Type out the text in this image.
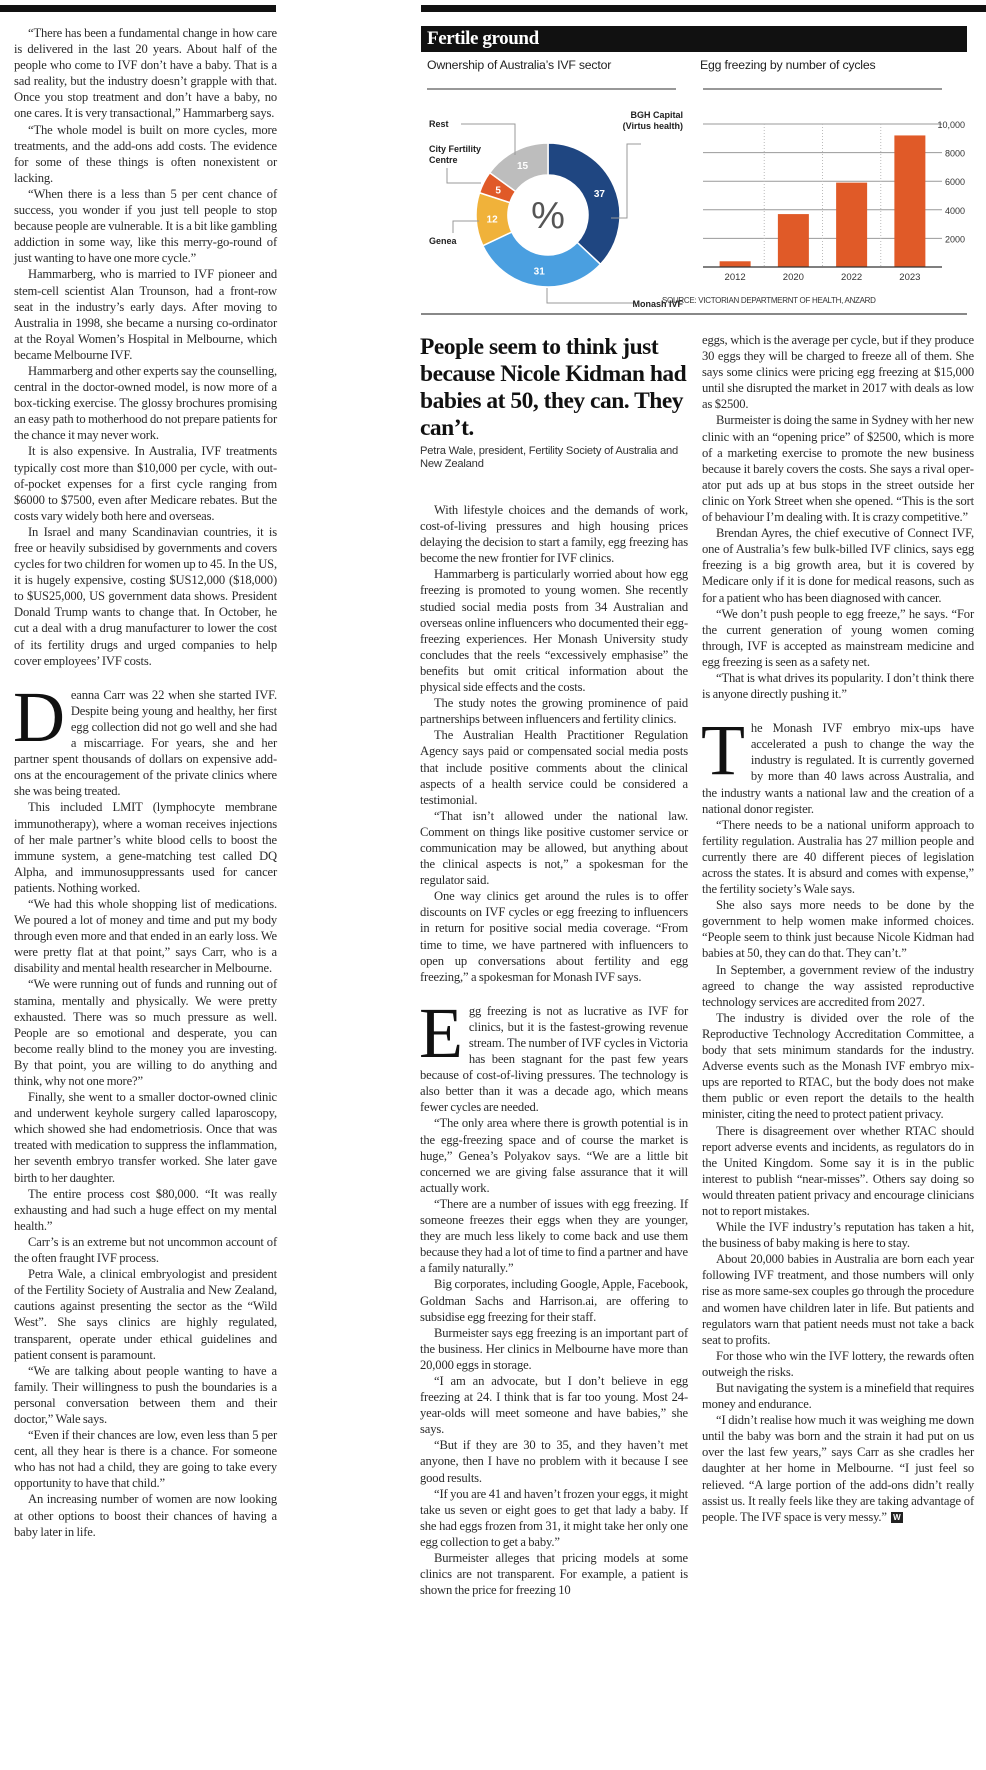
“There has been a fundamental change in how care is delivered in the last 20 years. About half of the people who come to IVF don’t have a baby. That is a sad reality, but the industry doesn’t grapple with that. Once you stop treatment and don’t have a baby, no one cares. It is very transactional,” Hammarberg says.

“The whole model is built on more cycles, more treatments, and the add-ons add costs. The evidence for some of these things is often nonexistent or lacking.

“When there is a less than 5 per cent chance of success, you wonder if you just tell people to stop because people are vulnerable. It is a bit like gambling addiction in some way, like this merry-go-round of just wanting to have one more cycle.”

Hammarberg, who is married to IVF pioneer and stem-cell scientist Alan Trounson, had a front-row seat in the industry’s early days. After moving to Australia in 1998, she became a nursing co-ordinator at the Royal Women’s Hospital in Melbourne, which became Melbourne IVF.

Hammarberg and other experts say the counselling, central in the doctor-owned model, is now more of a box-ticking exercise. The glossy brochures promising an easy path to motherhood do not prepare patients for the chance it may never work.

It is also expensive. In Australia, IVF treatments typically cost more than $10,000 per cycle, with out-of-pocket expenses for a first cycle ranging from $6000 to $7500, even after Medicare rebates. But the costs vary widely both here and overseas.

In Israel and many Scandinavian countries, it is free or heavily subsidised by governments and covers cycles for two children for women up to 45. In the US, it is hugely expensive, costing $US12,000 ($18,000) to $US25,000, US government data shows. President Donald Trump wants to change that. In October, he cut a deal with a drug manufacturer to lower the cost of its fertility drugs and urged companies to help cover employees’ IVF costs.

Deanna Carr was 22 when she started IVF. Despite being young and healthy, her first egg collection did not go well and she had a miscarriage. For years, she and her partner spent thousands of dollars on expensive add-ons at the encouragement of the private clinics where she was being treated.

This included LMIT (lymphocyte membrane immunotherapy), where a woman receives injections of her male partner’s white blood cells to boost the immune system, a gene-matching test called DQ Alpha, and immunosuppressants used for cancer patients. Nothing worked.

“We had this whole shopping list of medications. We poured a lot of money and time and put my body through even more and that ended in an early loss. We were pretty flat at that point,” says Carr, who is a disability and mental health researcher in Melbourne.

“We were running out of funds and running out of stamina, mentally and physically. We were pretty exhausted. There was so much pressure as well. People are so emotional and desperate, you can become really blind to the money you are investing. By that point, you are willing to do anything and think, why not one more?”

Finally, she went to a smaller doctor-owned clinic and underwent keyhole surgery called laparoscopy, which showed she had endometriosis. Once that was treated with medication to suppress the inflammation, her seventh embryo transfer worked. She later gave birth to her daughter.

The entire process cost $80,000. “It was really exhausting and had such a huge effect on my mental health.”

Carr’s is an extreme but not uncommon account of the often fraught IVF process.

Petra Wale, a clinical embryologist and president of the Fertility Society of Australia and New Zealand, cautions against presenting the sector as the “Wild West”. She says clinics are highly regulated, transparent, operate under ethical guidelines and patient consent is paramount.

“We are talking about people wanting to have a family. Their willingness to push the boundaries is a personal conversation between them and their doctor,” Wale says.

“Even if their chances are low, even less than 5 per cent, all they hear is there is a chance. For someone who has not had a child, they are going to take every opportunity to have that child.”

An increasing number of women are now looking at other options to boost their chances of having a baby later in life.

Fertile ground
Ownership of Australia’s IVF sector	Egg freezing by number of cycles
37
31
12
5
15
%
BGH Capital
(Virtus health)
Monash IVF
Genea
City Fertility
Centre
Rest
2000
4000
6000
8000
10,000
2012	2020	2022	2023
SOURCE: VICTORIAN DEPARTMERNT OF HEALTH, ANZARD
People seem to think just because Nicole Kidman had babies at 50, they can. They can’t.
Petra Wale, president, Fertility Society of Australia and New Zealand

With lifestyle choices and the demands of work, cost-of-living pressures and high housing prices delaying the decision to start a family, egg freezing has become the new frontier for IVF clinics.

Hammarberg is particularly worried about how egg freezing is promoted to young women. She recently studied social media posts from 34 Australian and overseas online influencers who documented their egg-freezing experiences. Her Monash University study concludes that the reels “excessively emphasise” the benefits but omit critical information about the physical side effects and the costs.

The study notes the growing prominence of paid partnerships between influencers and fertility clinics.

The Australian Health Practitioner Regulation Agency says paid or compensated social media posts that include positive comments about the clinical aspects of a health service could be considered a testimonial.

“That isn’t allowed under the national law. Comment on things like positive customer service or communication may be allowed, but anything about the clinical aspects is not,” a spokesman for the regulator said.

One way clinics get around the rules is to offer discounts on IVF cycles or egg freezing to influencers in return for positive social media coverage. “From time to time, we have partnered with influencers to open up conversations about fertility and egg freezing,” a spokesman for Monash IVF says.

Egg freezing is not as lucrative as IVF for clinics, but it is the fastest-growing revenue stream. The number of IVF cycles in Victoria has been stagnant for the past few years because of cost-of-living pressures. The technology is also better than it was a decade ago, which means fewer cycles are needed.

“The only area where there is growth potential is in the egg-freezing space and of course the market is huge,” Genea’s Polyakov says. “We are a little bit concerned we are giving false assurance that it will actually work.

“There are a number of issues with egg freezing. If someone freezes their eggs when they are younger, they are much less likely to come back and use them because they had a lot of time to find a partner and have a family naturally.”

Big corporates, including Google, Apple, Facebook, Goldman Sachs and Harrison.ai, are offering to subsidise egg freezing for their staff.

Burmeister says egg freezing is an important part of the business. Her clinics in Melbourne have more than 20,000 eggs in storage.

“I am an advocate, but I don’t believe in egg freezing at 24. I think that is far too young. Most 24-year-olds will meet someone and have babies,” she says.

“But if they are 30 to 35, and they haven’t met anyone, then I have no problem with it because I see good results.

“If you are 41 and haven’t frozen your eggs, it might take us seven or eight goes to get that lady a baby. If she had eggs frozen from 31, it might take her only one egg collection to get a baby.”

Burmeister alleges that pricing models at some clinics are not transparent. For example, a patient is shown the price for freezing 10

eggs, which is the average per cycle, but if they produce 30 eggs they will be charged to freeze all of them. She says some clinics were pricing egg freezing at $15,000 until she disrupted the market in 2017 with deals as low as $2500.

Burmeister is doing the same in Sydney with her new clinic with an “opening price” of $2500, which is more of a marketing exercise to promote the new business because it barely covers the costs. She says a rival operator put ads up at bus stops in the street outside her clinic on York Street when she opened. “This is the sort of behaviour I’m dealing with. It is crazy competitive.”

Brendan Ayres, the chief executive of Connect IVF, one of Australia’s few bulk-billed IVF clinics, says egg freezing is a big growth area, but it is covered by Medicare only if it is done for medical reasons, such as for a patient who has been diagnosed with cancer.

“We don’t push people to egg freeze,” he says. “For the current generation of young women coming through, IVF is accepted as mainstream medicine and egg freezing is seen as a safety net.

“That is what drives its popularity. I don’t think there is anyone directly pushing it.”

The Monash IVF embryo mix-ups have accelerated a push to change the way the industry is regulated. It is currently governed by more than 40 laws across Australia, and the industry wants a national law and the creation of a national donor register.

“There needs to be a national uniform approach to fertility regulation. Australia has 27 million people and currently there are 40 different pieces of legislation across the states. It is absurd and comes with expense,” the fertility society’s Wale says.

She also says more needs to be done by the government to help women make informed choices. “People seem to think just because Nicole Kidman had babies at 50, they can do that. They can’t.”

In September, a government review of the industry agreed to change the way assisted reproductive technology services are accredited from 2027.

The industry is divided over the role of the Reproductive Technology Accreditation Committee, a body that sets minimum standards for the industry. Adverse events such as the Monash IVF embryo mix-ups are reported to RTAC, but the body does not make them public or even report the details to the health minister, citing the need to protect patient privacy.

There is disagreement over whether RTAC should report adverse events and incidents, as regulators do in the United Kingdom. Some say it is in the public interest to publish “near-misses”. Others say doing so would threaten patient privacy and encourage clinicians not to report mistakes.

While the IVF industry’s reputation has taken a hit, the business of baby making is here to stay.

About 20,000 babies in Australia are born each year following IVF treatment, and those numbers will only rise as more same-sex couples go through the procedure and women have children later in life. But patients and regulators warn that patient needs must not take a back seat to profits.

For those who win the IVF lottery, the rewards often outweigh the risks.

But navigating the system is a minefield that requires money and endurance.

“I didn’t realise how much it was weighing me down until the baby was born and the strain it had put on us over the last few years,” says Carr as she cradles her daughter at her home in Melbourne. “I just feel so relieved. “A large portion of the add-ons didn’t really assist us. It really feels like they are taking advantage of people. The IVF space is very messy.” W
